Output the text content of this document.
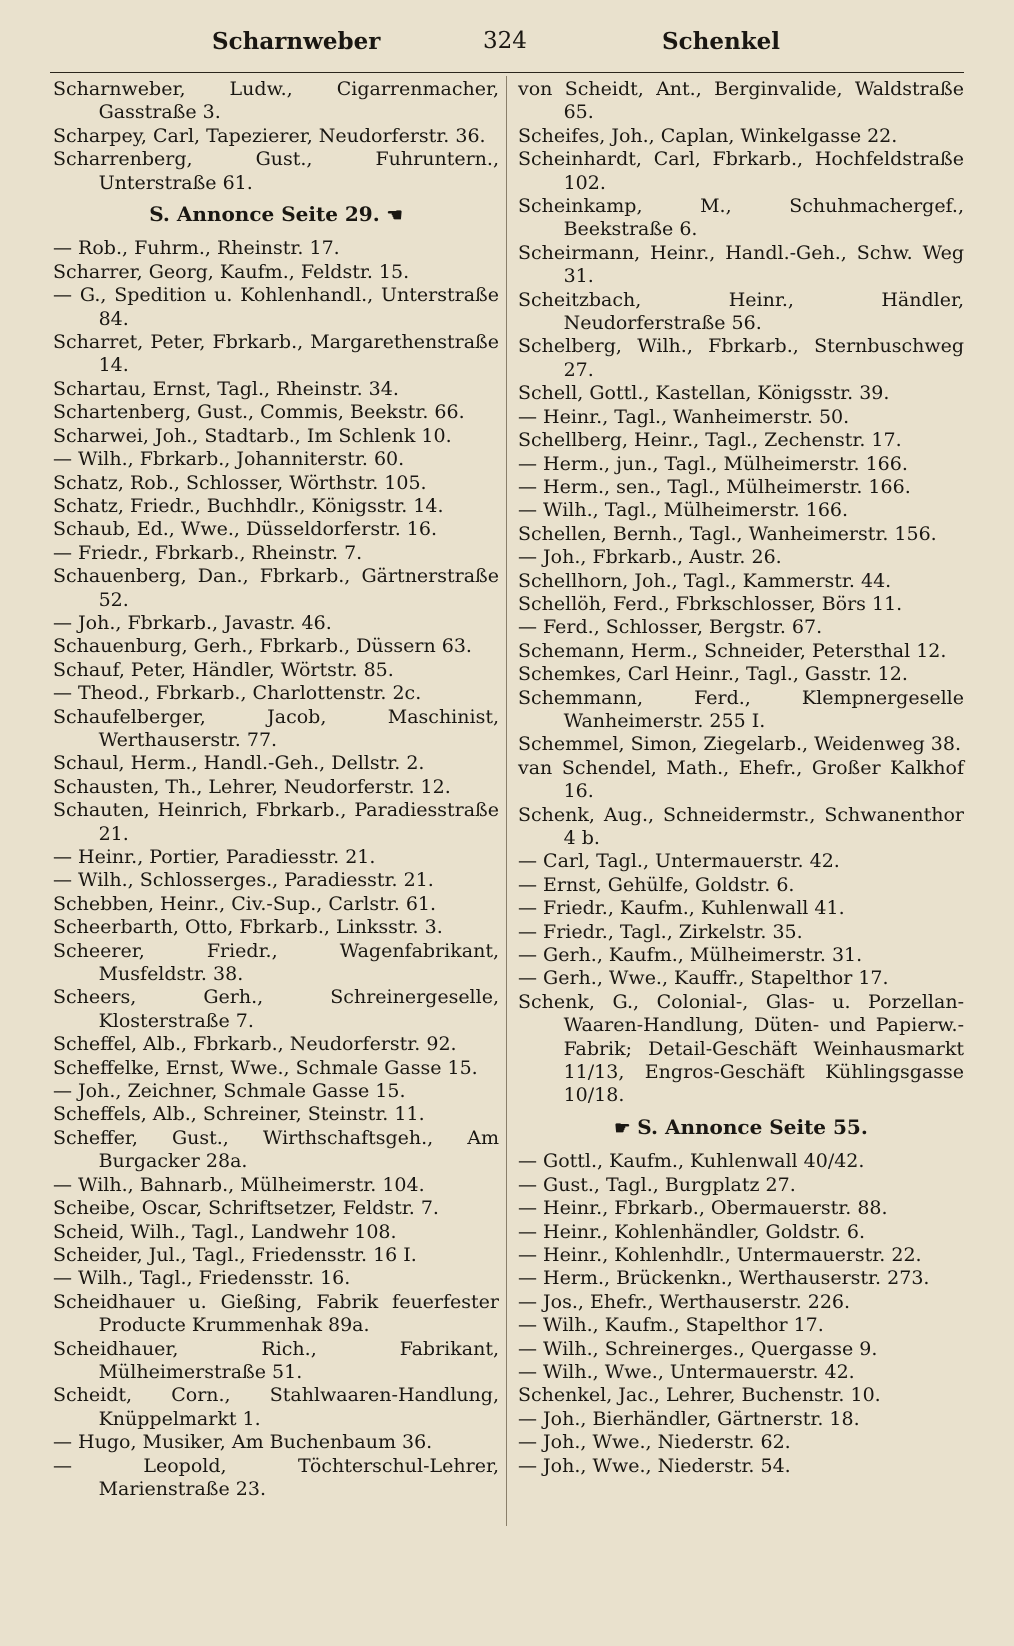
Scharnweber	324	Schenkel

Scharnweber, Ludw., Cigarrenmacher, Gasstraße 3.

Scharpey, Carl, Tapezierer, Neudorferstr. 36.

Scharrenberg, Gust., Fuhruntern., Unterstraße 61.

S. Annonce Seite 29. ☚

— Rob., Fuhrm., Rheinstr. 17.

Scharrer, Georg, Kaufm., Feldstr. 15.

— G., Spedition u. Kohlenhandl., Unterstraße 84.

Scharret, Peter, Fbrkarb., Margarethenstraße 14.

Schartau, Ernst, Tagl., Rheinstr. 34.

Schartenberg, Gust., Commis, Beekstr. 66.

Scharwei, Joh., Stadtarb., Im Schlenk 10.

— Wilh., Fbrkarb., Johanniterstr. 60.

Schatz, Rob., Schlosser, Wörthstr. 105.

Schatz, Friedr., Buchhdlr., Königsstr. 14.

Schaub, Ed., Wwe., Düsseldorferstr. 16.

— Friedr., Fbrkarb., Rheinstr. 7.

Schauenberg, Dan., Fbrkarb., Gärtnerstraße 52.

— Joh., Fbrkarb., Javastr. 46.

Schauenburg, Gerh., Fbrkarb., Düssern 63.

Schauf, Peter, Händler, Wörtstr. 85.

— Theod., Fbrkarb., Charlottenstr. 2c.

Schaufelberger, Jacob, Maschinist, Werthauserstr. 77.

Schaul, Herm., Handl.-Geh., Dellstr. 2.

Schausten, Th., Lehrer, Neudorferstr. 12.

Schauten, Heinrich, Fbrkarb., Paradiesstraße 21.

— Heinr., Portier, Paradiesstr. 21.

— Wilh., Schlosserges., Paradiesstr. 21.

Schebben, Heinr., Civ.-Sup., Carlstr. 61.

Scheerbarth, Otto, Fbrkarb., Linksstr. 3.

Scheerer, Friedr., Wagenfabrikant, Musfeldstr. 38.

Scheers, Gerh., Schreinergeselle, Klosterstraße 7.

Scheffel, Alb., Fbrkarb., Neudorferstr. 92.

Scheffelke, Ernst, Wwe., Schmale Gasse 15.

— Joh., Zeichner, Schmale Gasse 15.

Scheffels, Alb., Schreiner, Steinstr. 11.

Scheffer, Gust., Wirthschaftsgeh., Am Burgacker 28a.

— Wilh., Bahnarb., Mülheimerstr. 104.

Scheibe, Oscar, Schriftsetzer, Feldstr. 7.

Scheid, Wilh., Tagl., Landwehr 108.

Scheider, Jul., Tagl., Friedensstr. 16 I.

— Wilh., Tagl., Friedensstr. 16.

Scheidhauer u. Gießing, Fabrik feuerfester Producte Krummenhak 89a.

Scheidhauer, Rich., Fabrikant, Mülheimerstraße 51.

Scheidt, Corn., Stahlwaaren-Handlung, Knüppelmarkt 1.

— Hugo, Musiker, Am Buchenbaum 36.

— Leopold, Töchterschul-Lehrer, Marienstraße 23.

von Scheidt, Ant., Berginvalide, Waldstraße 65.

Scheifes, Joh., Caplan, Winkelgasse 22.

Scheinhardt, Carl, Fbrkarb., Hochfeldstraße 102.

Scheinkamp, M., Schuhmachergef., Beekstraße 6.

Scheirmann, Heinr., Handl.-Geh., Schw. Weg 31.

Scheitzbach, Heinr., Händler, Neudorferstraße 56.

Schelberg, Wilh., Fbrkarb., Sternbuschweg 27.

Schell, Gottl., Kastellan, Königsstr. 39.

— Heinr., Tagl., Wanheimerstr. 50.

Schellberg, Heinr., Tagl., Zechenstr. 17.

— Herm., jun., Tagl., Mülheimerstr. 166.

— Herm., sen., Tagl., Mülheimerstr. 166.

— Wilh., Tagl., Mülheimerstr. 166.

Schellen, Bernh., Tagl., Wanheimerstr. 156.

— Joh., Fbrkarb., Austr. 26.

Schellhorn, Joh., Tagl., Kammerstr. 44.

Schellöh, Ferd., Fbrkschlosser, Börs 11.

— Ferd., Schlosser, Bergstr. 67.

Schemann, Herm., Schneider, Petersthal 12.

Schemkes, Carl Heinr., Tagl., Gasstr. 12.

Schemmann, Ferd., Klempnergeselle Wanheimerstr. 255 I.

Schemmel, Simon, Ziegelarb., Weidenweg 38.

van Schendel, Math., Ehefr., Großer Kalkhof 16.

Schenk, Aug., Schneidermstr., Schwanenthor 4 b.

— Carl, Tagl., Untermauerstr. 42.

— Ernst, Gehülfe, Goldstr. 6.

— Friedr., Kaufm., Kuhlenwall 41.

— Friedr., Tagl., Zirkelstr. 35.

— Gerh., Kaufm., Mülheimerstr. 31.

— Gerh., Wwe., Kauffr., Stapelthor 17.

Schenk, G., Colonial-, Glas- u. Porzellan-Waaren-Handlung, Düten- und Papierw.-Fabrik; Detail-Geschäft Weinhausmarkt 11/13, Engros-Geschäft Kühlingsgasse 10/18.

☛ S. Annonce Seite 55.

— Gottl., Kaufm., Kuhlenwall 40/42.

— Gust., Tagl., Burgplatz 27.

— Heinr., Fbrkarb., Obermauerstr. 88.

— Heinr., Kohlenhändler, Goldstr. 6.

— Heinr., Kohlenhdlr., Untermauerstr. 22.

— Herm., Brückenkn., Werthauserstr. 273.

— Jos., Ehefr., Werthauserstr. 226.

— Wilh., Kaufm., Stapelthor 17.

— Wilh., Schreinerges., Quergasse 9.

— Wilh., Wwe., Untermauerstr. 42.

Schenkel, Jac., Lehrer, Buchenstr. 10.

— Joh., Bierhändler, Gärtnerstr. 18.

— Joh., Wwe., Niederstr. 62.

— Joh., Wwe., Niederstr. 54.
